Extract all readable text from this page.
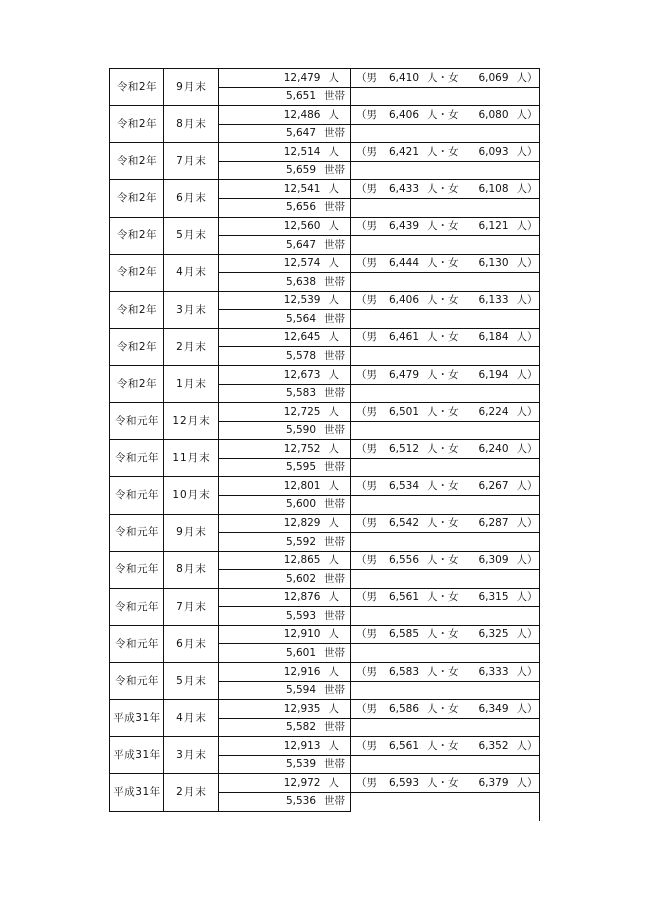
令和2年 9月末
12,479 人
5,651 世帯
（男	6,410 人・女	6,069 人）
令和2年 8月末
12,486 人
5,647 世帯
（男	6,406 人・女	6,080 人）
令和2年 7月末
12,514 人
5,659 世帯
（男	6,421 人・女	6,093 人）
令和2年 6月末
12,541 人
5,656 世帯
（男	6,433 人・女	6,108 人）
令和2年 5月末
12,560 人
5,647 世帯
（男	6,439 人・女	6,121 人）
令和2年 4月末
12,574 人
5,638 世帯
（男	6,444 人・女	6,130 人）
令和2年 3月末
12,539 人
5,564 世帯
（男	6,406 人・女	6,133 人）
令和2年 2月末
12,645 人
5,578 世帯
（男	6,461 人・女	6,184 人）
令和2年 1月末
12,673 人
5,583 世帯
（男	6,479 人・女	6,194 人）
令和元年 12月末
12,725 人
5,590 世帯
（男	6,501 人・女	6,224 人）
令和元年 11月末
12,752 人
5,595 世帯
（男	6,512 人・女	6,240 人）
令和元年 10月末
12,801 人
5,600 世帯
（男	6,534 人・女	6,267 人）
令和元年 9月末
12,829 人
5,592 世帯
（男	6,542 人・女	6,287 人）
令和元年 8月末
12,865 人
5,602 世帯
（男	6,556 人・女	6,309 人）
令和元年 7月末
12,876 人
5,593 世帯
（男	6,561 人・女	6,315 人）
令和元年 6月末
12,910 人
5,601 世帯
（男	6,585 人・女	6,325 人）
令和元年 5月末
12,916 人
5,594 世帯
（男	6,583 人・女	6,333 人）
平成31年 4月末
12,935 人
5,582 世帯
（男	6,586 人・女	6,349 人）
平成31年 3月末
12,913 人
5,539 世帯
（男	6,561 人・女	6,352 人）
平成31年 2月末
12,972 人
5,536 世帯
（男	6,593 人・女	6,379 人）
